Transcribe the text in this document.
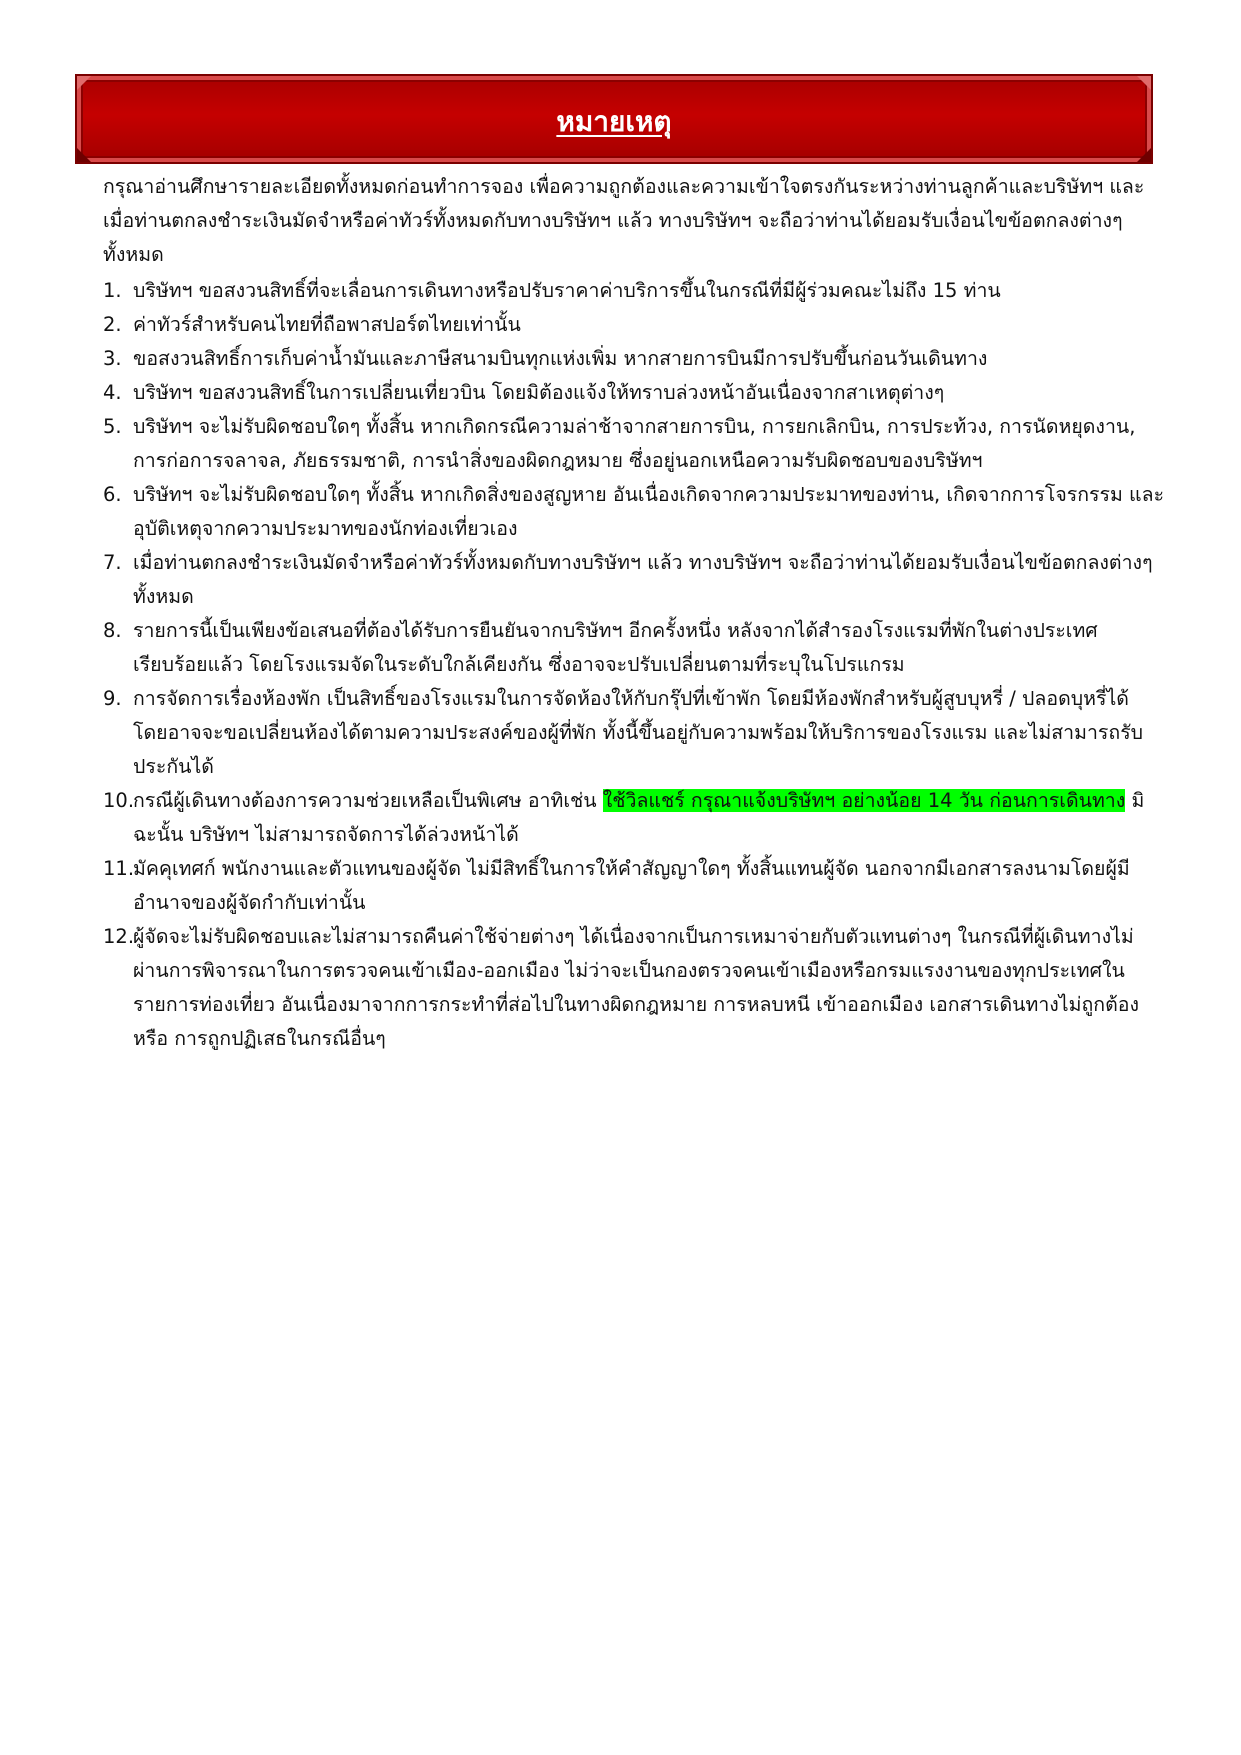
หมายเหตุ

กรุณาอ่านศึกษารายละเอียดทั้งหมดก่อนทำการจอง เพื่อความถูกต้องและความเข้าใจตรงกันระหว่างท่านลูกค้าและบริษัทฯ และเมื่อท่านตกลงชำระเงินมัดจำหรือค่าทัวร์ทั้งหมดกับทางบริษัทฯ แล้ว ทางบริษัทฯ จะถือว่าท่านได้ยอมรับเงื่อนไขข้อตกลงต่างๆ ทั้งหมด

1. บริษัทฯ ขอสงวนสิทธิ์ที่จะเลื่อนการเดินทางหรือปรับราคาค่าบริการขึ้นในกรณีที่มีผู้ร่วมคณะไม่ถึง 15 ท่าน
2. ค่าทัวร์สำหรับคนไทยที่ถือพาสปอร์ตไทยเท่านั้น
3. ขอสงวนสิทธิ์การเก็บค่าน้ำมันและภาษีสนามบินทุกแห่งเพิ่ม หากสายการบินมีการปรับขึ้นก่อนวันเดินทาง
4. บริษัทฯ ขอสงวนสิทธิ์ในการเปลี่ยนเที่ยวบิน โดยมิต้องแจ้งให้ทราบล่วงหน้าอันเนื่องจากสาเหตุต่างๆ
5. บริษัทฯ จะไม่รับผิดชอบใดๆ ทั้งสิ้น หากเกิดกรณีความล่าช้าจากสายการบิน, การยกเลิกบิน, การประท้วง, การนัดหยุดงาน, การก่อการจลาจล, ภัยธรรมชาติ, การนำสิ่งของผิดกฎหมาย ซึ่งอยู่นอกเหนือความรับผิดชอบของบริษัทฯ
6. บริษัทฯ จะไม่รับผิดชอบใดๆ ทั้งสิ้น หากเกิดสิ่งของสูญหาย อันเนื่องเกิดจากความประมาทของท่าน, เกิดจากการโจรกรรม และ อุบัติเหตุจากความประมาทของนักท่องเที่ยวเอง
7. เมื่อท่านตกลงชำระเงินมัดจำหรือค่าทัวร์ทั้งหมดกับทางบริษัทฯ แล้ว ทางบริษัทฯ จะถือว่าท่านได้ยอมรับเงื่อนไขข้อตกลงต่างๆ ทั้งหมด
8. รายการนี้เป็นเพียงข้อเสนอที่ต้องได้รับการยืนยันจากบริษัทฯ อีกครั้งหนึ่ง หลังจากได้สำรองโรงแรมที่พักในต่างประเทศเรียบร้อยแล้ว โดยโรงแรมจัดในระดับใกล้เคียงกัน ซึ่งอาจจะปรับเปลี่ยนตามที่ระบุในโปรแกรม
9. การจัดการเรื่องห้องพัก เป็นสิทธิ์ของโรงแรมในการจัดห้องให้กับกรุ๊ปที่เข้าพัก โดยมีห้องพักสำหรับผู้สูบบุหรี่ / ปลอดบุหรี่ได้ โดยอาจจะขอเปลี่ยนห้องได้ตามความประสงค์ของผู้ที่พัก ทั้งนี้ขึ้นอยู่กับความพร้อมให้บริการของโรงแรม และไม่สามารถรับประกันได้
10.
กรณีผู้เดินทางต้องการความช่วยเหลือเป็นพิเศษ อาทิเช่น ใช้วิลแชร์ กรุณาแจ้งบริษัทฯ อย่างน้อย 14 วัน ก่อนการเดินทาง มิฉะนั้น บริษัทฯ ไม่สามารถจัดการได้ล่วงหน้าได้
11.
มัคคุเทศก์ พนักงานและตัวแทนของผู้จัด ไม่มีสิทธิ์ในการให้คำสัญญาใดๆ ทั้งสิ้นแทนผู้จัด นอกจากมีเอกสารลงนามโดยผู้มีอำนาจของผู้จัดกำกับเท่านั้น
12.
ผู้จัดจะไม่รับผิดชอบและไม่สามารถคืนค่าใช้จ่ายต่างๆ ได้เนื่องจากเป็นการเหมาจ่ายกับตัวแทนต่างๆ ในกรณีที่ผู้เดินทางไม่ผ่านการพิจารณาในการตรวจคนเข้าเมือง-ออกเมือง ไม่ว่าจะเป็นกองตรวจคนเข้าเมืองหรือกรมแรงงานของทุกประเทศในรายการท่องเที่ยว อันเนื่องมาจากการกระทำที่ส่อไปในทางผิดกฎหมาย การหลบหนี เข้าออกเมือง เอกสารเดินทางไม่ถูกต้อง หรือ การถูกปฏิเสธในกรณีอื่นๆ
